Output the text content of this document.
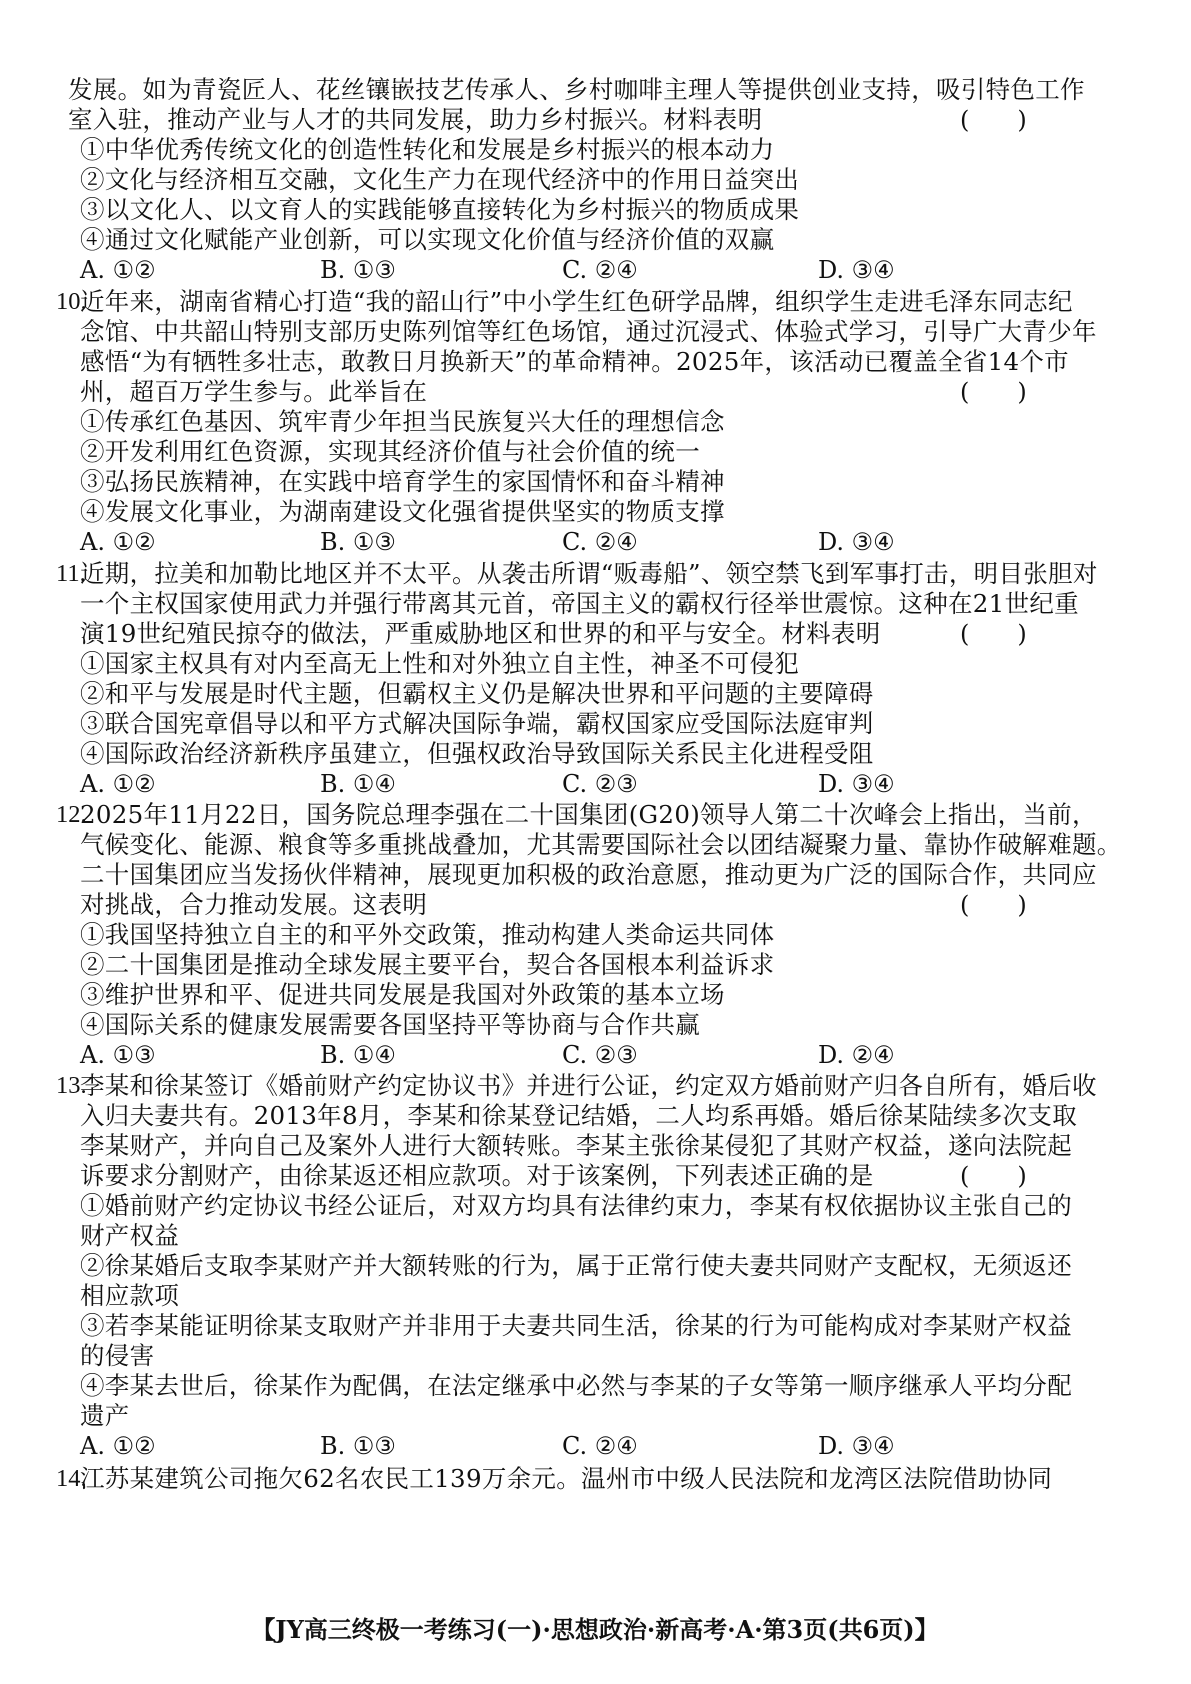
发展。如为青瓷匠人、花丝镶嵌技艺传承人、乡村咖啡主理人等提供创业支持，吸引特色工作
室入驻，推动产业与人才的共同发展，助力乡村振兴。材料表明	(　　)
①中华优秀传统文化的创造性转化和发展是乡村振兴的根本动力
②文化与经济相互交融，文化生产力在现代经济中的作用日益突出
③以文化人、以文育人的实践能够直接转化为乡村振兴的物质成果
④通过文化赋能产业创新，可以实现文化价值与经济价值的双赢
A. ①②	B. ①③	C. ②④	D. ③④
10.
近年来，湖南省精心打造“我的韶山行”中小学生红色研学品牌，组织学生走进毛泽东同志纪
念馆、中共韶山特别支部历史陈列馆等红色场馆，通过沉浸式、体验式学习，引导广大青少年
感悟“为有牺牲多壮志，敢教日月换新天”的革命精神。2025年，该活动已覆盖全省14个市
州，超百万学生参与。此举旨在	(　　)
①传承红色基因、筑牢青少年担当民族复兴大任的理想信念
②开发利用红色资源，实现其经济价值与社会价值的统一
③弘扬民族精神，在实践中培育学生的家国情怀和奋斗精神
④发展文化事业，为湖南建设文化强省提供坚实的物质支撑
A. ①②	B. ①③	C. ②④	D. ③④
11.
近期，拉美和加勒比地区并不太平。从袭击所谓“贩毒船”、领空禁飞到军事打击，明目张胆对
一个主权国家使用武力并强行带离其元首，帝国主义的霸权行径举世震惊。这种在21世纪重
演19世纪殖民掠夺的做法，严重威胁地区和世界的和平与安全。材料表明	(　　)
①国家主权具有对内至高无上性和对外独立自主性，神圣不可侵犯
②和平与发展是时代主题，但霸权主义仍是解决世界和平问题的主要障碍
③联合国宪章倡导以和平方式解决国际争端，霸权国家应受国际法庭审判
④国际政治经济新秩序虽建立，但强权政治导致国际关系民主化进程受阻
A. ①②	B. ①④	C. ②③	D. ③④
12.
2025年11月22日，国务院总理李强在二十国集团(G20)领导人第二十次峰会上指出，当前，
气候变化、能源、粮食等多重挑战叠加，尤其需要国际社会以团结凝聚力量、靠协作破解难题。
二十国集团应当发扬伙伴精神，展现更加积极的政治意愿，推动更为广泛的国际合作，共同应
对挑战，合力推动发展。这表明	(　　)
①我国坚持独立自主的和平外交政策，推动构建人类命运共同体
②二十国集团是推动全球发展主要平台，契合各国根本利益诉求
③维护世界和平、促进共同发展是我国对外政策的基本立场
④国际关系的健康发展需要各国坚持平等协商与合作共赢
A. ①③	B. ①④	C. ②③	D. ②④
13.
李某和徐某签订《婚前财产约定协议书》并进行公证，约定双方婚前财产归各自所有，婚后收
入归夫妻共有。2013年8月，李某和徐某登记结婚，二人均系再婚。婚后徐某陆续多次支取
李某财产，并向自己及案外人进行大额转账。李某主张徐某侵犯了其财产权益，遂向法院起
诉要求分割财产，由徐某返还相应款项。对于该案例，下列表述正确的是	(　　)
①婚前财产约定协议书经公证后，对双方均具有法律约束力，李某有权依据协议主张自己的
财产权益
②徐某婚后支取李某财产并大额转账的行为，属于正常行使夫妻共同财产支配权，无须返还
相应款项
③若李某能证明徐某支取财产并非用于夫妻共同生活，徐某的行为可能构成对李某财产权益
的侵害
④李某去世后，徐某作为配偶，在法定继承中必然与李某的子女等第一顺序继承人平均分配
遗产
A. ①②	B. ①③	C. ②④	D. ③④
14.
江苏某建筑公司拖欠62名农民工139万余元。温州市中级人民法院和龙湾区法院借助协同
【JY高三终极一考练习(一)·思想政治·新高考·A·第3页(共6页)】
